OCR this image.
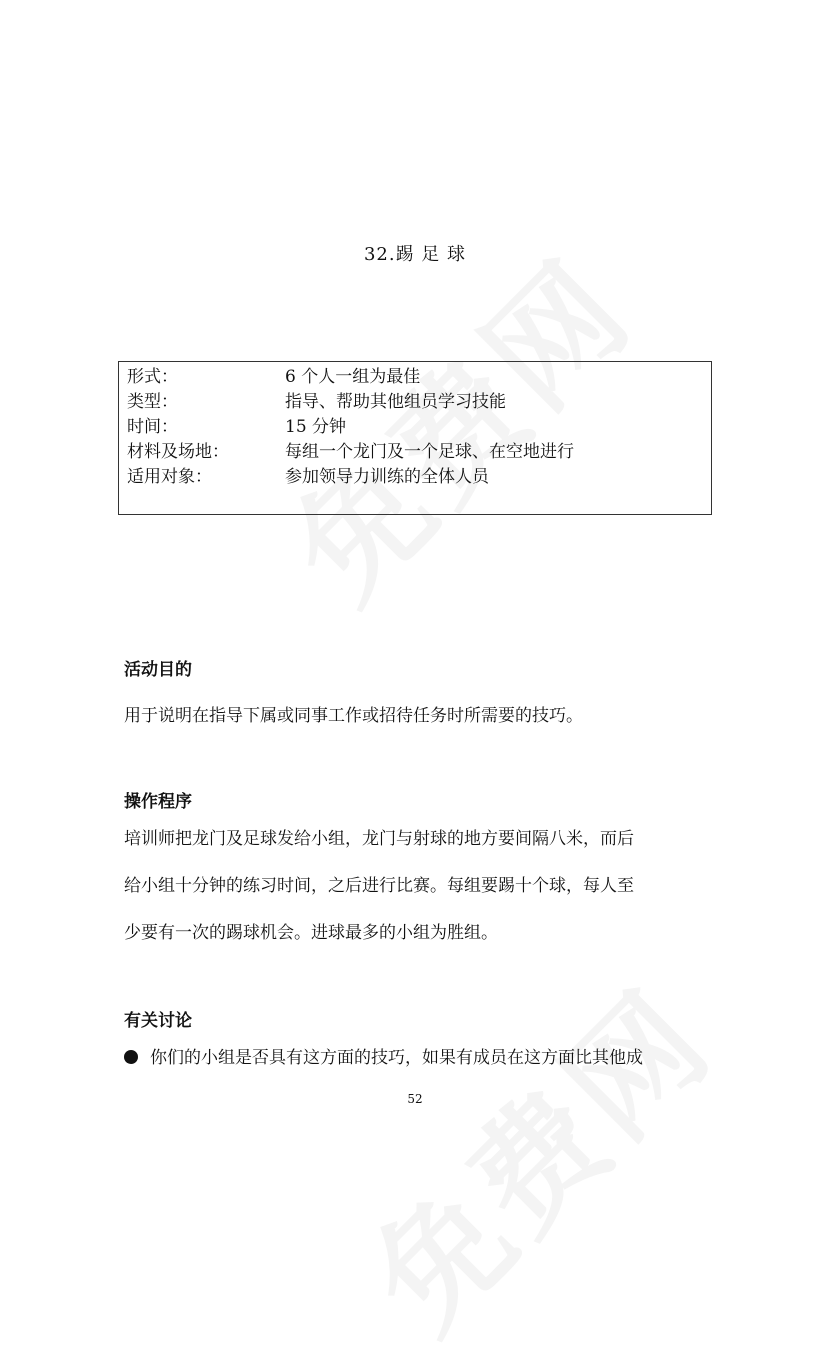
32.踢 足 球
形式：	6 个人一组为最佳
类型：	指导、帮助其他组员学习技能
时间：	15 分钟
材料及场地：	每组一个龙门及一个足球、在空地进行
适用对象：	参加领导力训练的全体人员
活动目的
用于说明在指导下属或同事工作或招待任务时所需要的技巧。
操作程序
培训师把龙门及足球发给小组，龙门与射球的地方要间隔八米，而后
给小组十分钟的练习时间，之后进行比赛。每组要踢十个球，每人至
少要有一次的踢球机会。进球最多的小组为胜组。
有关讨论
你们的小组是否具有这方面的技巧，如果有成员在这方面比其他成
52
